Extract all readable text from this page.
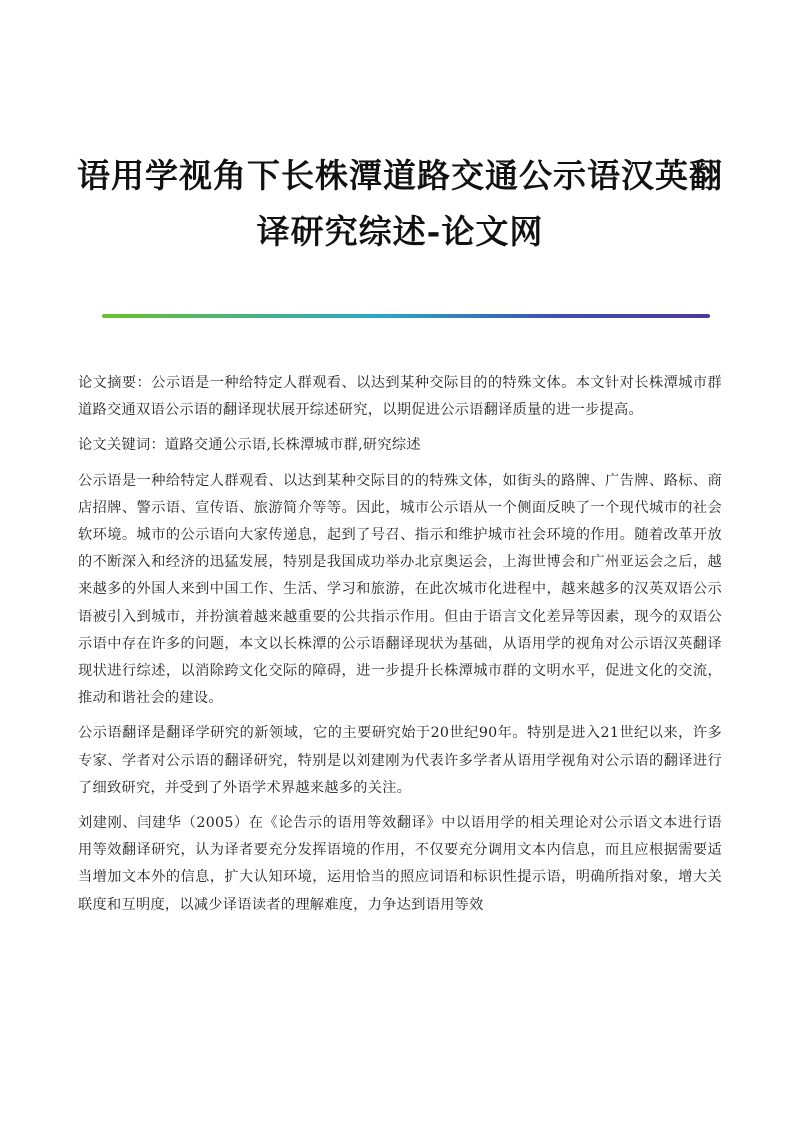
语用学视角下长株潭道路交通公示语汉英翻
译研究综述-论文网

论文摘要：公示语是一种给特定人群观看、以达到某种交际目的的特殊文体。本文针对长株潭城市群道路交通双语公示语的翻译现状展开综述研究，以期促进公示语翻译质量的进一步提高。

论文关键词：道路交通公示语,长株潭城市群,研究综述

公示语是一种给特定人群观看、以达到某种交际目的的特殊文体，如街头的路牌、广告牌、路标、商店招牌、警示语、宣传语、旅游简介等等。因此，城市公示语从一个侧面反映了一个现代城市的社会软环境。城市的公示语向大家传递息，起到了号召、指示和维护城市社会环境的作用。随着改革开放的不断深入和经济的迅猛发展，特别是我国成功举办北京奥运会，上海世博会和广州亚运会之后，越来越多的外国人来到中国工作、生活、学习和旅游，在此次城市化进程中，越来越多的汉英双语公示语被引入到城市，并扮演着越来越重要的公共指示作用。但由于语言文化差异等因素，现今的双语公示语中存在许多的问题，本文以长株潭的公示语翻译现状为基础，从语用学的视角对公示语汉英翻译现状进行综述，以消除跨文化交际的障碍，进一步提升长株潭城市群的文明水平，促进文化的交流，推动和谐社会的建设。

公示语翻译是翻译学研究的新领域，它的主要研究始于20世纪90年。特别是进入21世纪以来，许多专家、学者对公示语的翻译研究，特别是以刘建刚为代表许多学者从语用学视角对公示语的翻译进行了细致研究，并受到了外语学术界越来越多的关注。

刘建刚、闫建华（2005）在《论告示的语用等效翻译》中以语用学的相关理论对公示语文本进行语用等效翻译研究，认为译者要充分发挥语境的作用，不仅要充分调用文本内信息，而且应根据需要适当增加文本外的信息，扩大认知环境，运用恰当的照应词语和标识性提示语，明确所指对象，增大关联度和互明度，以减少译语读者的理解难度，力争达到语用等效
